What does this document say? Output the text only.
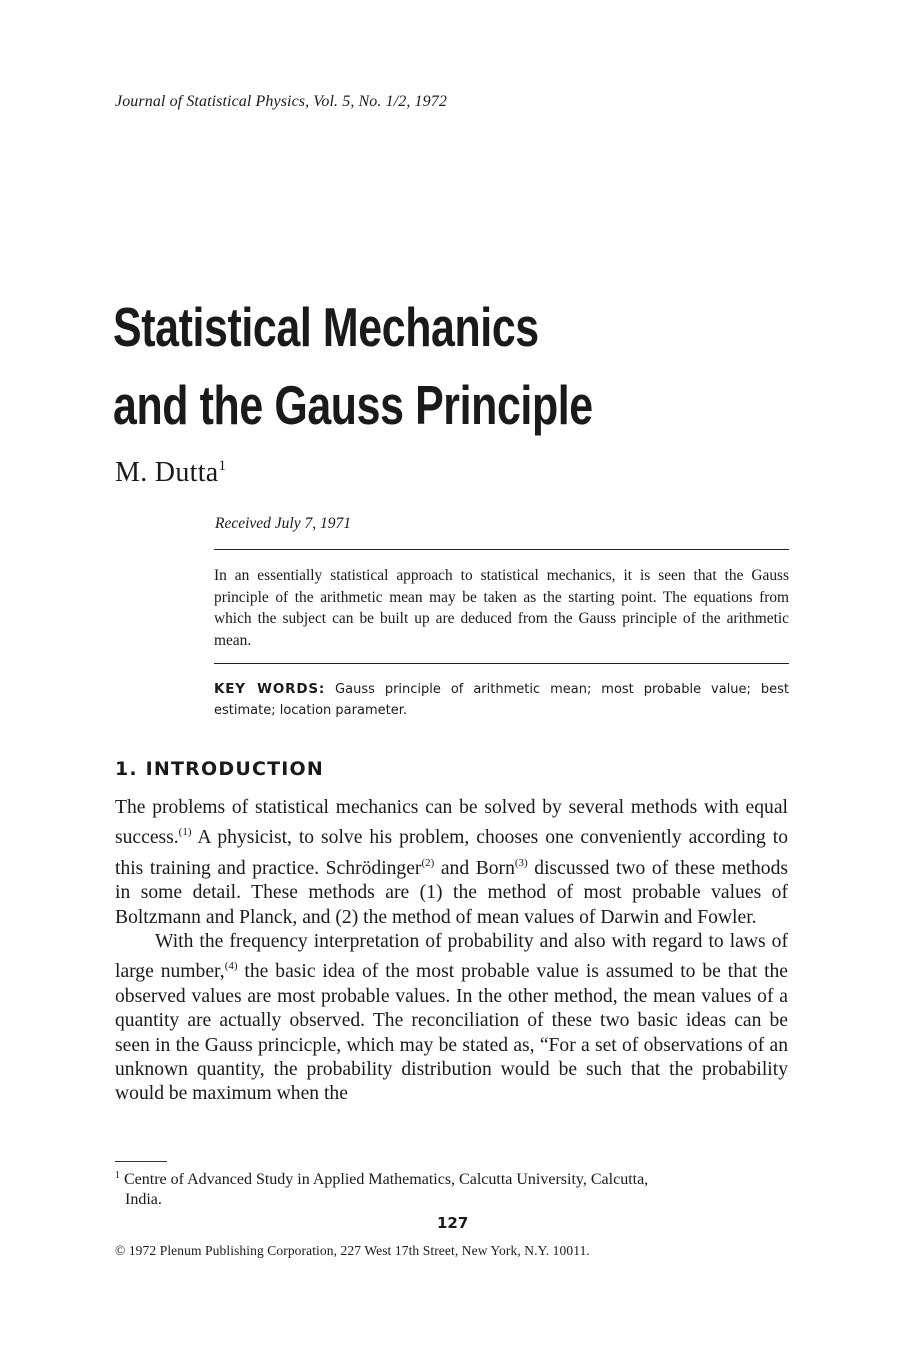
Journal of Statistical Physics, Vol. 5, No. 1/2, 1972
Statistical Mechanics
and the Gauss Principle
M. Dutta$^1$
Received July 7, 1971
In an essentially statistical approach to statistical mechanics, it is seen that the Gauss principle of the arithmetic mean may be taken as the starting point. The equations from which the subject can be built up are deduced from the Gauss principle of the arithmetic mean.
KEY WORDS: Gauss principle of arithmetic mean; most probable value; best estimate; location parameter.
1. INTRODUCTION

The problems of statistical mechanics can be solved by several methods with equal success.$^{(1)}$ A physicist, to solve his problem, chooses one conveniently according to this training and practice. Schrödinger$^{(2)}$ and Born$^{(3)}$ discussed two of these methods in some detail. These methods are (1) the method of most probable values of Boltzmann and Planck, and (2) the method of mean values of Darwin and Fowler.

With the frequency interpretation of probability and also with regard to laws of large number,$^{(4)}$ the basic idea of the most probable value is assumed to be that the observed values are most probable values. In the other method, the mean values of a quantity are actually observed. The reconciliation of these two basic ideas can be seen in the Gauss princicple, which may be stated as, “For a set of observations of an unknown quantity, the probability distribution would be such that the probability would be maximum when the

$^1$ Centre of Advanced Study in Applied Mathematics, Calcutta University, Calcutta,
India.
127
© 1972 Plenum Publishing Corporation, 227 West 17th Street, New York, N.Y. 10011.
